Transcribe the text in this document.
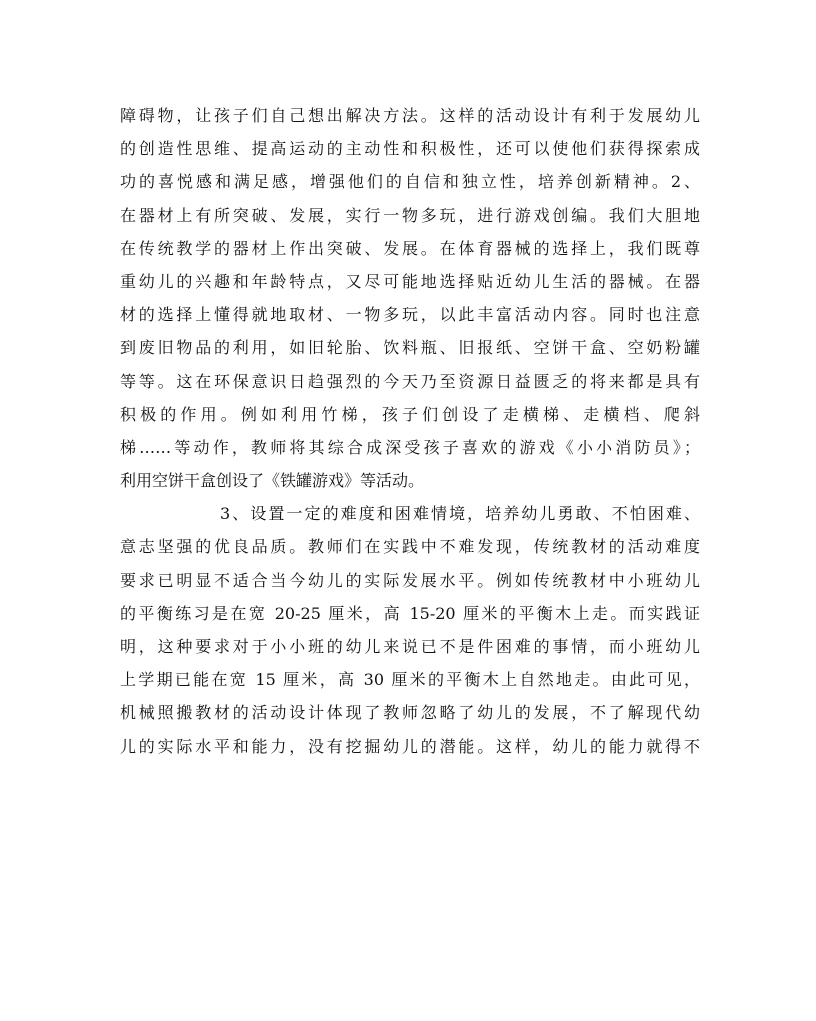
障碍物，让孩子们自己想出解决方法。这样的活动设计有利于发展幼儿
的创造性思维、提高运动的主动性和积极性，还可以使他们获得探索成
功的喜悦感和满足感，增强他们的自信和独立性，培养创新精神。2、
在器材上有所突破、发展，实行一物多玩，进行游戏创编。我们大胆地
在传统教学的器材上作出突破、发展。在体育器械的选择上，我们既尊
重幼儿的兴趣和年龄特点，又尽可能地选择贴近幼儿生活的器械。在器
材的选择上懂得就地取材、一物多玩，以此丰富活动内容。同时也注意
到废旧物品的利用，如旧轮胎、饮料瓶、旧报纸、空饼干盒、空奶粉罐
等等。这在环保意识日趋强烈的今天乃至资源日益匮乏的将来都是具有
积极的作用。例如利用竹梯，孩子们创设了走横梯、走横档、爬斜
梯……等动作，教师将其综合成深受孩子喜欢的游戏《小小消防员》；
利用空饼干盒创设了《铁罐游戏》等活动。
3、设置一定的难度和困难情境，培养幼儿勇敢、不怕困难、
意志坚强的优良品质。教师们在实践中不难发现，传统教材的活动难度
要求已明显不适合当今幼儿的实际发展水平。例如传统教材中小班幼儿
的平衡练习是在宽 20-25 厘米，高 15-20 厘米的平衡木上走。而实践证
明，这种要求对于小小班的幼儿来说已不是件困难的事情，而小班幼儿
上学期已能在宽 15 厘米，高 30 厘米的平衡木上自然地走。由此可见，
机械照搬教材的活动设计体现了教师忽略了幼儿的发展，不了解现代幼
儿的实际水平和能力，没有挖掘幼儿的潜能。这样，幼儿的能力就得不
